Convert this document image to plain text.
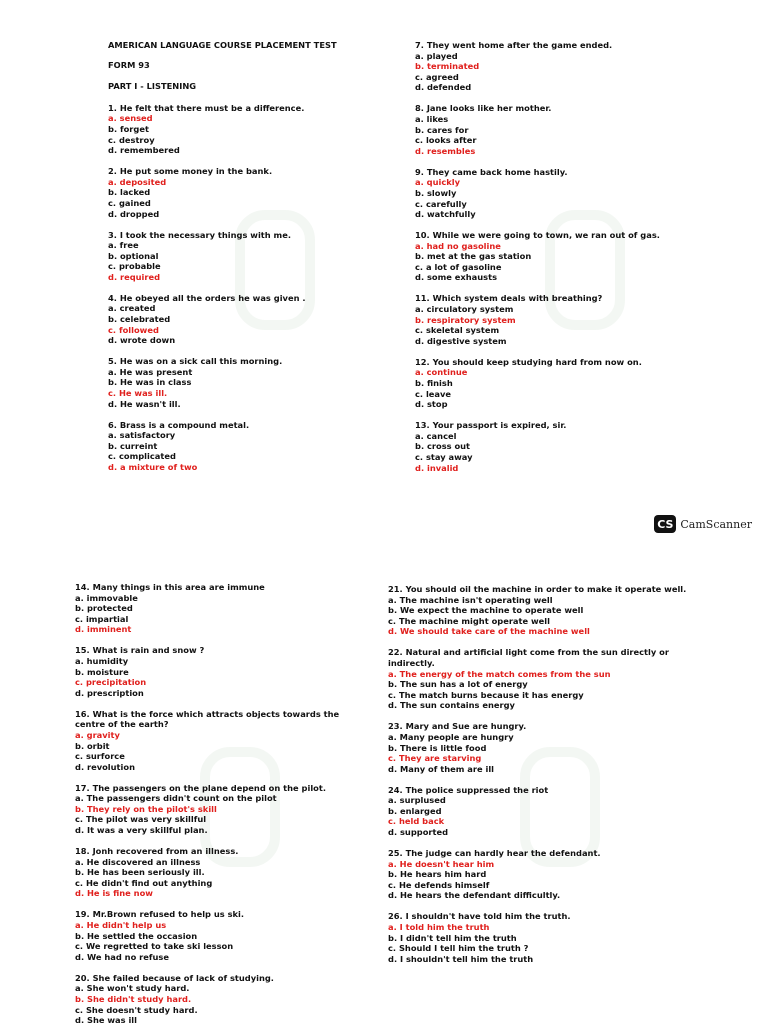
AMERICAN LANGUAGE COURSE PLACEMENT TEST
FORM 93
PART I - LISTENING
1. He felt that there must be a difference.
a. sensed
b. forget
c. destroy
d. remembered
2. He put some money in the bank.
a. deposited
b. lacked
c. gained
d. dropped
3. I took the necessary things with me.
a. free
b. optional
c. probable
d. required
4. He obeyed all the orders he was given .
a. created
b. celebrated
c. followed
d. wrote down
5. He was on a sick call this morning.
a. He was present
b. He was in class
c. He was ill.
d. He wasn't ill.
6. Brass is a compound metal.
a. satisfactory
b. curreint
c. complicated
d. a mixture of two
7. They went home after the game ended.
a. played
b. terminated
c. agreed
d. defended
8. Jane looks like her mother.
a. likes
b. cares for
c. looks after
d. resembles
9. They came back home hastily.
a. quickly
b. slowly
c. carefully
d. watchfully
10. While we were going to town, we ran out of gas.
a. had no gasoline
b. met at the gas station
c. a lot of gasoline
d. some exhausts
11. Which system deals with breathing?
a. circulatory system
b. respiratory system
c. skeletal system
d. digestive system
12. You should keep studying hard from now on.
a. continue
b. finish
c. leave
d. stop
13. Your passport is expired, sir.
a. cancel
b. cross out
c. stay away
d. invalid
CS CamScanner
14. Many things in this area are immune
a. immovable
b. protected
c. impartial
d. imminent
15. What is rain and snow ?
a. humidity
b. moisture
c. precipitation
d. prescription
16. What is the force which attracts objects towards the centre of the earth?
a. gravity
b. orbit
c. surforce
d. revolution
17. The passengers on the plane depend on the pilot.
a. The passengers didn't count on the pilot
b. They rely on the pilot's skill
c. The pilot was very skillful
d. It was a very skillful plan.
18. Jonh recovered from an illness.
a. He discovered an illness
b. He has been seriously ill.
c. He didn't find out anything
d. He is fine now
19. Mr.Brown refused to help us ski.
a. He didn't help us
b. He settled the occasion
c. We regretted to take ski lesson
d. We had no refuse
20. She failed because of lack of studying.
a. She won't study hard.
b. She didn't study hard.
c. She doesn't study hard.
d. She was ill
21. You should oil the machine in order to make it operate well.
a. The machine isn't operating well
b. We expect the machine to operate well
c. The machine might operate well
d. We should take care of the machine well
22. Natural and artificial light come from the sun directly or indirectly.
a. The energy of the match comes from the sun
b. The sun has a lot of energy
c. The match burns because it has energy
d. The sun contains energy
23. Mary and Sue are hungry.
a. Many people are hungry
b. There is little food
c. They are starving
d. Many of them are ill
24. The police suppressed the riot
a. surplused
b. enlarged
c. held back
d. supported
25. The judge can hardly hear the defendant.
a. He doesn't hear him
b. He hears him hard
c. He defends himself
d. He hears the defendant difficultly.
26. I shouldn't have told him the truth.
a. I told him the truth
b. I didn't tell him the truth
c. Should I tell him the truth ?
d. I shouldn't tell him the truth
